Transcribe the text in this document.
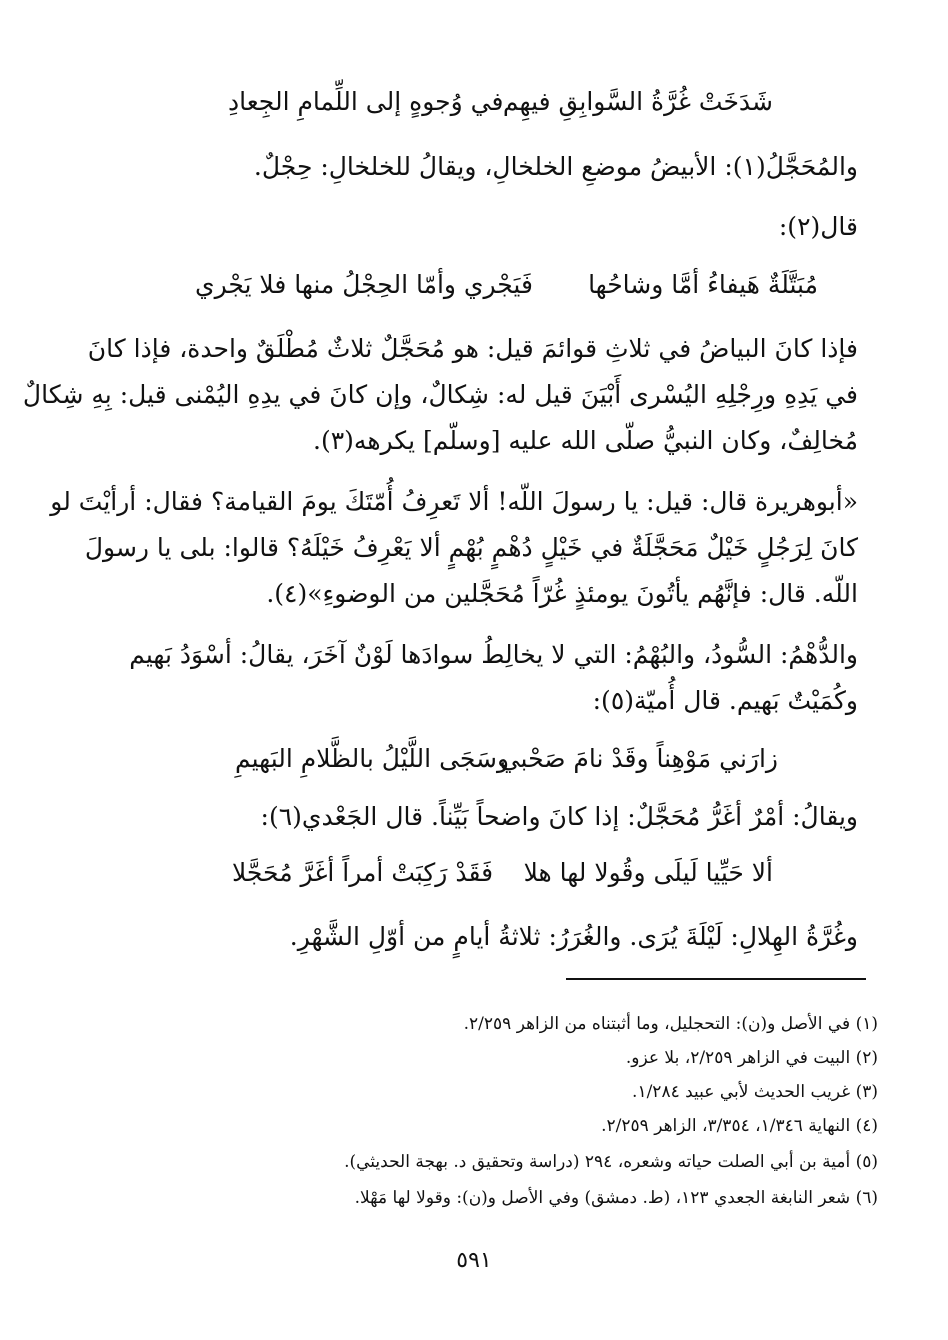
شَدَخَتْ غُرَّةُ السَّوابِقِ فيهِم
في وُجوهٍ إلى اللِّمامِ الجِعادِ
والمُحَجَّلُ(١): الأبيضُ موضعِ الخلخالِ، ويقالُ للخلخالِ: حِجْلٌ.
قال(٢):
مُبَتَّلَةٌ هَيفاءُ أمَّا وشاحُها
فَيَجْري وأمّا الحِجْلُ منها فلا يَجْري
فإذا كانَ البياضُ في ثلاثِ قوائمَ قيل: هو مُحَجَّلٌ ثلاثٌ مُطْلَقٌ واحدة، فإذا كانَ
في يَدِهِ ورِجْلِهِ اليُسْرى أَبْيَنَ قيل له: شِكالٌ، وإن كانَ في يدِهِ اليُمْنى قيل: بِهِ شِكالٌ
مُخالِفٌ، وكان النبيُّ صلّى الله عليه [وسلّم] يكرهه(٣).
«أبوهريرة قال: قيل: يا رسولَ اللّه! ألا تَعرِفُ أُمّتَكَ يومَ القيامة؟ فقال: أرأيْتَ لو
كانَ لِرَجُلٍ خَيْلٌ مَحَجَّلَةٌ في خَيْلٍ دُهْمٍ بُهْمٍ ألا يَعْرِفُ خَيْلَهُ؟ قالوا: بلى يا رسولَ
اللّه. قال: فإنَّهُم يأتُونَ يومئذٍ غُرّاً مُحَجَّلين من الوضوءِ»(٤).
والدُّهْمُ: السُّودُ، والبُهْمُ: التي لا يخالِطُ سوادَها لَوْنٌ آخَرَ، يقالُ: أسْوَدُ بَهيم
وكُمَيْتٌ بَهيم. قال أُميّة(٥):
زارَني مَوْهِناً وقَدْ نامَ صَحْبي
وسَجَى اللَّيْلُ بالظَّلامِ البَهيمِ
ويقالُ: أمْرٌ أغَرُّ مُحَجَّلٌ: إذا كانَ واضحاً بَيِّناً. قال الجَعْدي(٦):
ألا حَيِّيا لَيلَى وقُولا لها هلا
فَقَدْ رَكِبَتْ أمراً أغَرَّ مُحَجَّلا
وغُرَّةُ الهِلالِ: لَيْلَةَ يُرَى. والغُرَرُ: ثلاثةُ أيامٍ من أوّلِ الشَّهْرِ.
(١) في الأصل و(ن): التحجليل، وما أثبتناه من الزاهر ٢/٢٥٩.
(٢) البيت في الزاهر ٢/٢٥٩، بلا عزو.
(٣) غريب الحديث لأبي عبيد ١/٢٨٤.
(٤) النهاية ١/٣٤٦، ٣/٣٥٤، الزاهر ٢/٢٥٩.
(٥) أمية بن أبي الصلت حياته وشعره، ٢٩٤ (دراسة وتحقيق د. بهجة الحديثي).
(٦) شعر النابغة الجعدي ١٢٣، (ط. دمشق) وفي الأصل و(ن): وقولا لها مَهْلا.
٥٩١
